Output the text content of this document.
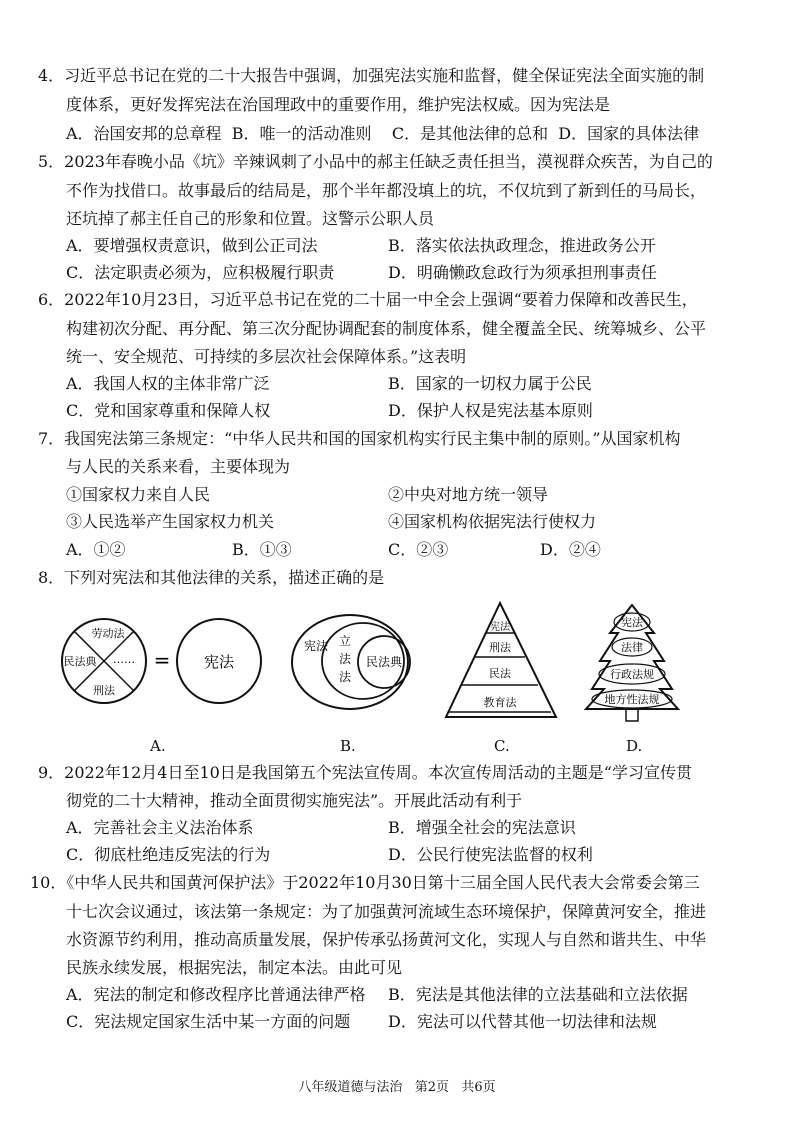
4．习近平总书记在党的二十大报告中强调，加强宪法实施和监督，健全保证宪法全面实施的制
度体系，更好发挥宪法在治国理政中的重要作用，维护宪法权威。因为宪法是
A．治国安邦的总章程  B．唯一的活动准则    C．是其他法律的总和  D．国家的具体法律
5．2023年春晚小品《坑》辛辣讽刺了小品中的郝主任缺乏责任担当，漠视群众疾苦，为自己的
不作为找借口。故事最后的结局是，那个半年都没填上的坑，不仅坑到了新到任的马局长，
还坑掉了郝主任自己的形象和位置。这警示公职人员
A．要增强权责意识，做到公正司法	B．落实依法执政理念，推进政务公开
C．法定职责必须为，应积极履行职责	D．明确懒政怠政行为须承担刑事责任
6．2022年10月23日，习近平总书记在党的二十届一中全会上强调“要着力保障和改善民生，
构建初次分配、再分配、第三次分配协调配套的制度体系，健全覆盖全民、统筹城乡、公平
统一、安全规范、可持续的多层次社会保障体系。”这表明
A．我国人权的主体非常广泛	B．国家的一切权力属于公民
C．党和国家尊重和保障人权	D．保护人权是宪法基本原则
7．我国宪法第三条规定：“中华人民共和国的国家机构实行民主集中制的原则。”从国家机构
与人民的关系来看，主要体现为
①国家权力来自人民	②中央对地方统一领导
③人民选举产生国家权力机关	④国家机构依据宪法行使权力
A．①②	B．①③	C．②③	D．②④
8．下列对宪法和其他法律的关系，描述正确的是
劳动法
民法典 ……
刑法
= 宪法
宪法 立
法
法
民法典
宪法
刑法
民法
教育法
宪法
法律
行政法规
地方性法规
A.	B.	C.	D.
9．2022年12月4日至10日是我国第五个宪法宣传周。本次宣传周活动的主题是“学习宣传贯
彻党的二十大精神，推动全面贯彻实施宪法”。开展此活动有利于
A．完善社会主义法治体系	B．增强全社会的宪法意识
C．彻底杜绝违反宪法的行为	D．公民行使宪法监督的权利
10．《中华人民共和国黄河保护法》于2022年10月30日第十三届全国人民代表大会常委会第三
十七次会议通过，该法第一条规定：为了加强黄河流域生态环境保护，保障黄河安全，推进
水资源节约利用，推动高质量发展，保护传承弘扬黄河文化，实现人与自然和谐共生、中华
民族永续发展，根据宪法，制定本法。由此可见
A．宪法的制定和修改程序比普通法律严格 B．宪法是其他法律的立法基础和立法依据
C．宪法规定国家生活中某一方面的问题 D．宪法可以代替其他一切法律和法规
八年级道德与法治   第2页   共6页
